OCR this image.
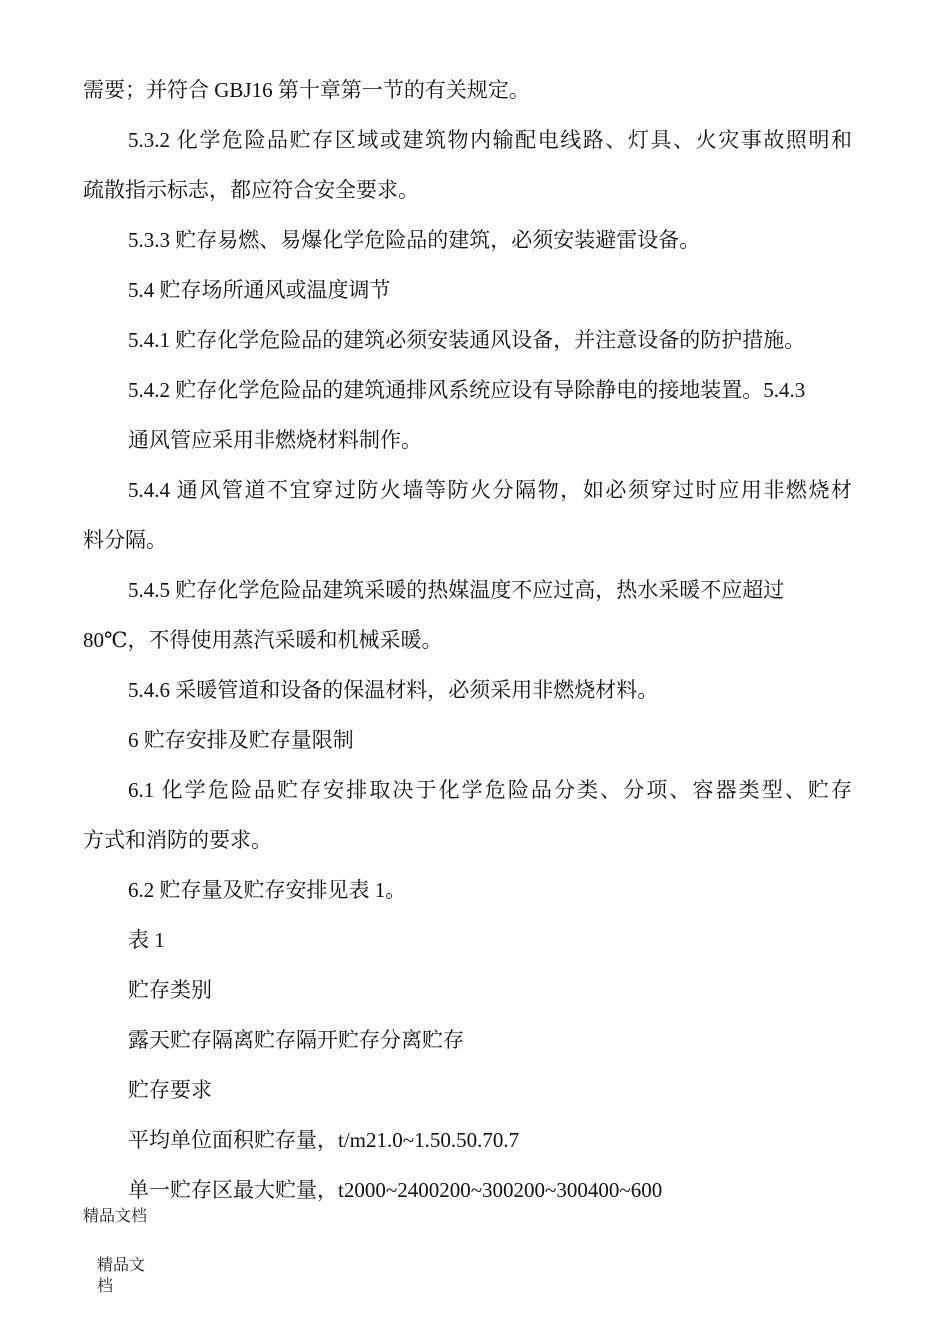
需要；并符合 GBJ16 第十章第一节的有关规定。
5.3.2 化学危险品贮存区域或建筑物内输配电线路、灯具、火灾事故照明和
疏散指示标志，都应符合安全要求。
5.3.3 贮存易燃、易爆化学危险品的建筑，必须安装避雷设备。
5.4 贮存场所通风或温度调节
5.4.1 贮存化学危险品的建筑必须安装通风设备，并注意设备的防护措施。
5.4.2 贮存化学危险品的建筑通排风系统应设有导除静电的接地装置。5.4.3
通风管应采用非燃烧材料制作。
5.4.4 通风管道不宜穿过防火墙等防火分隔物，如必须穿过时应用非燃烧材
料分隔。
5.4.5 贮存化学危险品建筑采暖的热媒温度不应过高，热水采暖不应超过
80℃，不得使用蒸汽采暖和机械采暖。
5.4.6 采暖管道和设备的保温材料，必须采用非燃烧材料。
6 贮存安排及贮存量限制
6.1 化学危险品贮存安排取决于化学危险品分类、分项、容器类型、贮存
方式和消防的要求。
6.2 贮存量及贮存安排见表 1。
表 1
贮存类别
露天贮存隔离贮存隔开贮存分离贮存
贮存要求
平均单位面积贮存量，t/m21.0~1.50.50.70.7
单一贮存区最大贮量，t2000~2400200~300200~300400~600
精品文档
精品文
档
